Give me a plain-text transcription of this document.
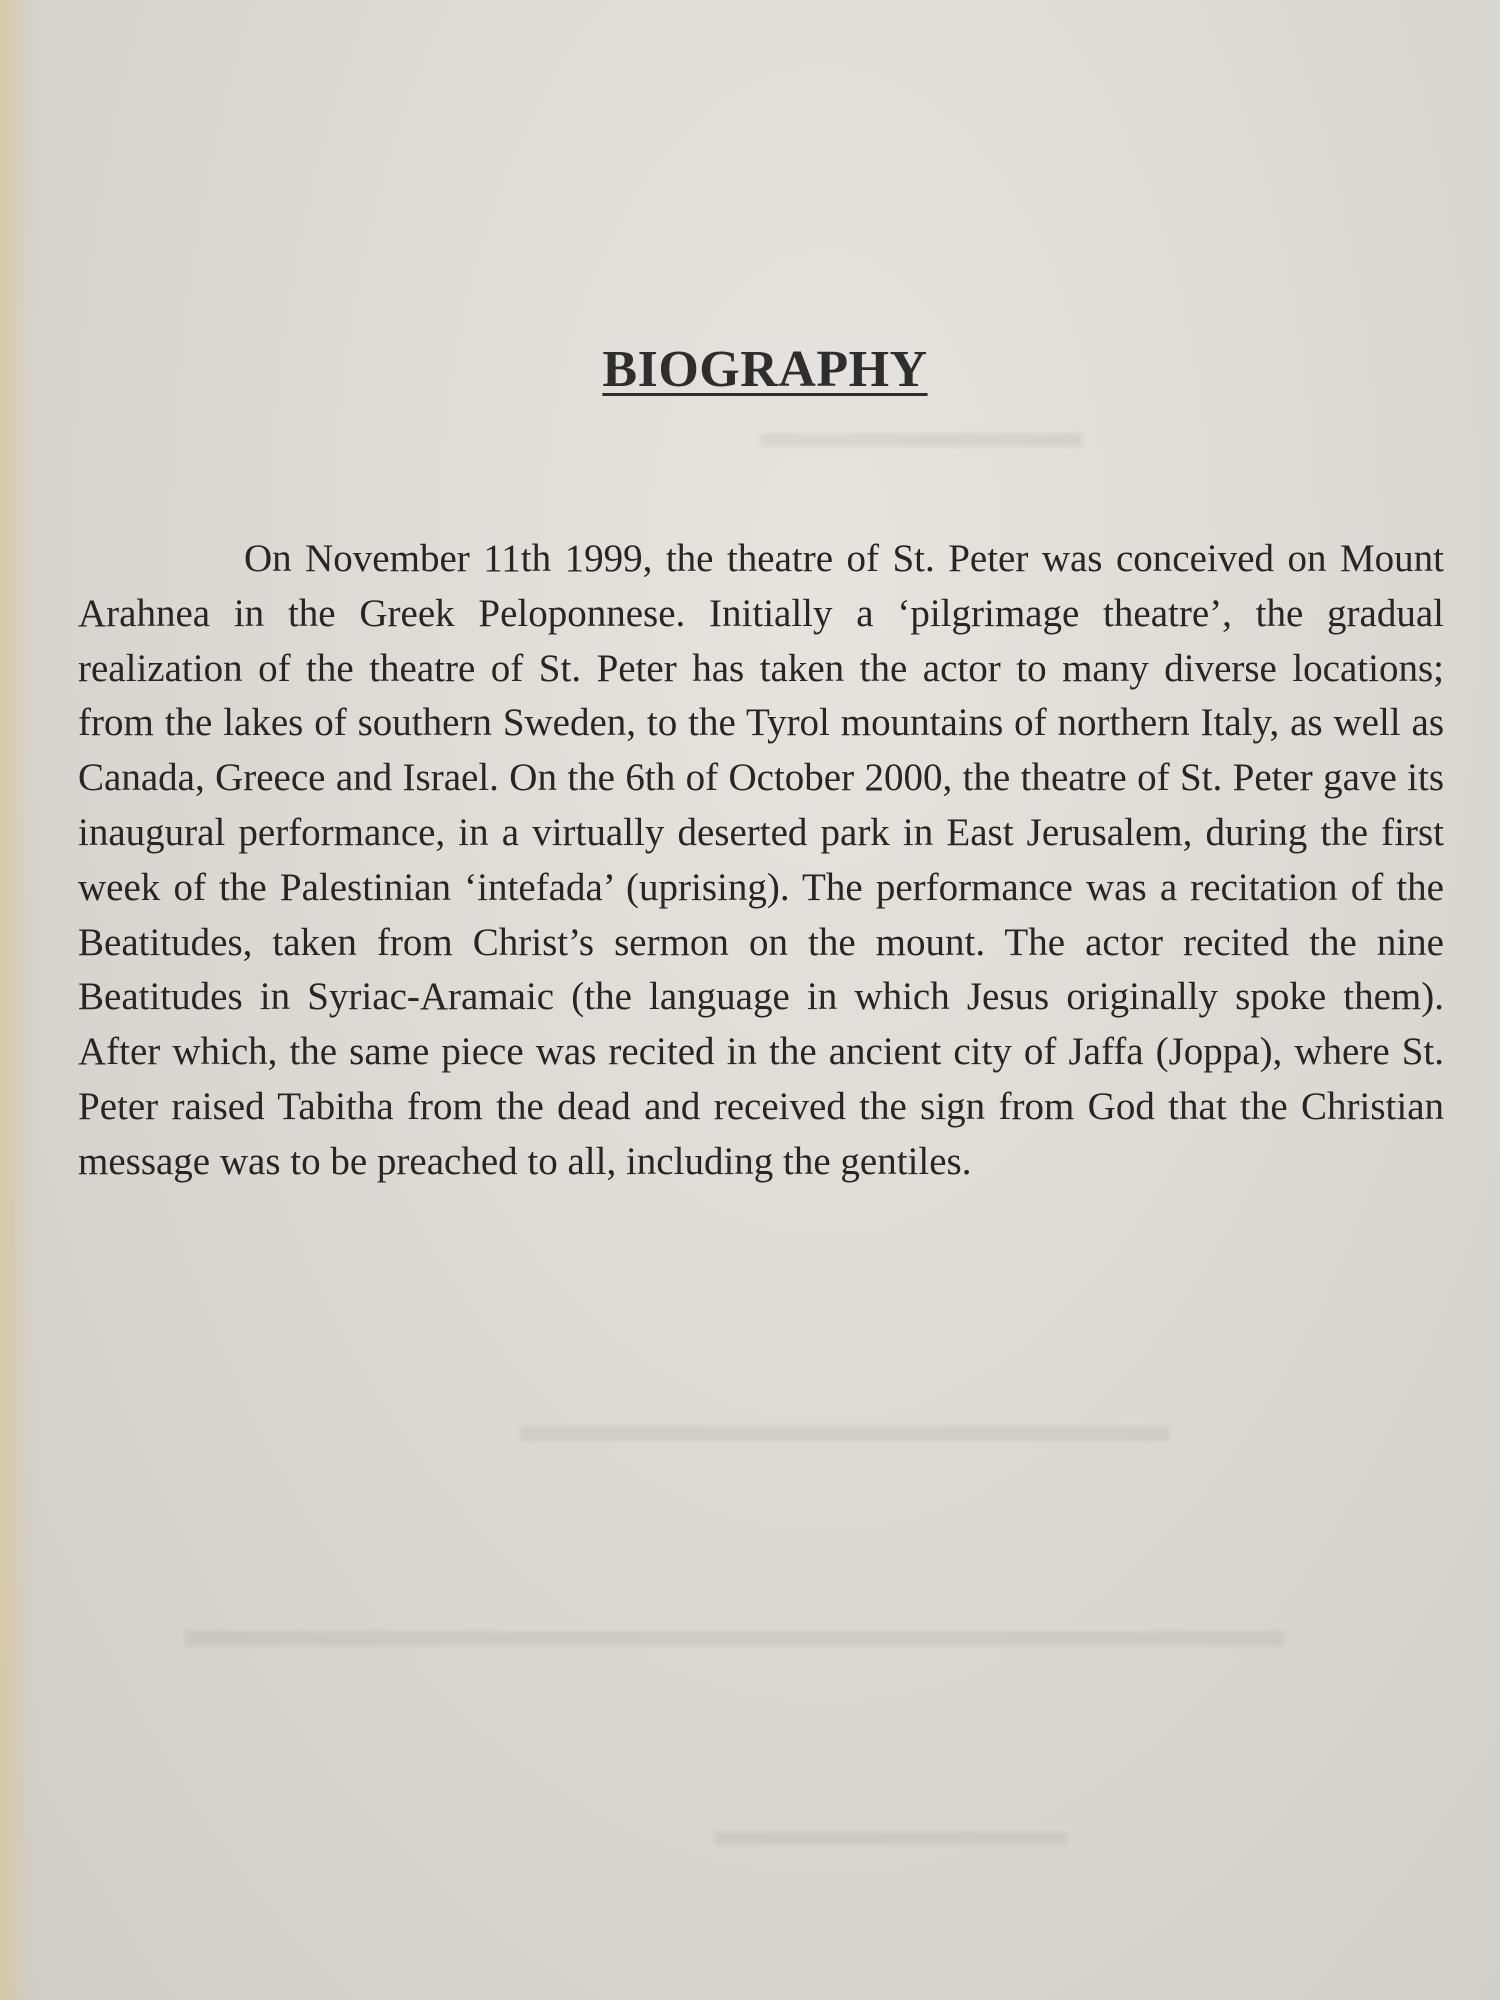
▬▬▬▬▬▬▬
▬▬▬▬▬▬▬▬▬▬▬▬▬
▬▬▬▬▬▬▬▬▬▬▬▬▬▬▬▬▬▬▬▬▬▬
▬▬▬▬▬▬▬▬
BIOGRAPHY

On November 11th 1999, the theatre of St. Peter was conceived on Mount Arahnea in the Greek Peloponnese. Initially a ‘pilgrimage theatre’, the gradual realization of the theatre of St. Peter has taken the actor to many diverse locations; from the lakes of southern Sweden, to the Tyrol mountains of northern Italy, as well as Canada, Greece and Israel. On the 6th of October 2000, the theatre of St. Peter gave its inaugural performance, in a virtually deserted park in East Jerusalem, during the first week of the Palestinian ‘intefada’ (uprising). The performance was a recitation of the Beatitudes, taken from Christ’s sermon on the mount. The actor recited the nine Beatitudes in Syriac-Aramaic (the language in which Jesus originally spoke them). After which, the same piece was recited in the ancient city of Jaffa (Joppa), where St. Peter raised Tabitha from the dead and received the sign from God that the Christian message was to be preached to all, including the gentiles.
